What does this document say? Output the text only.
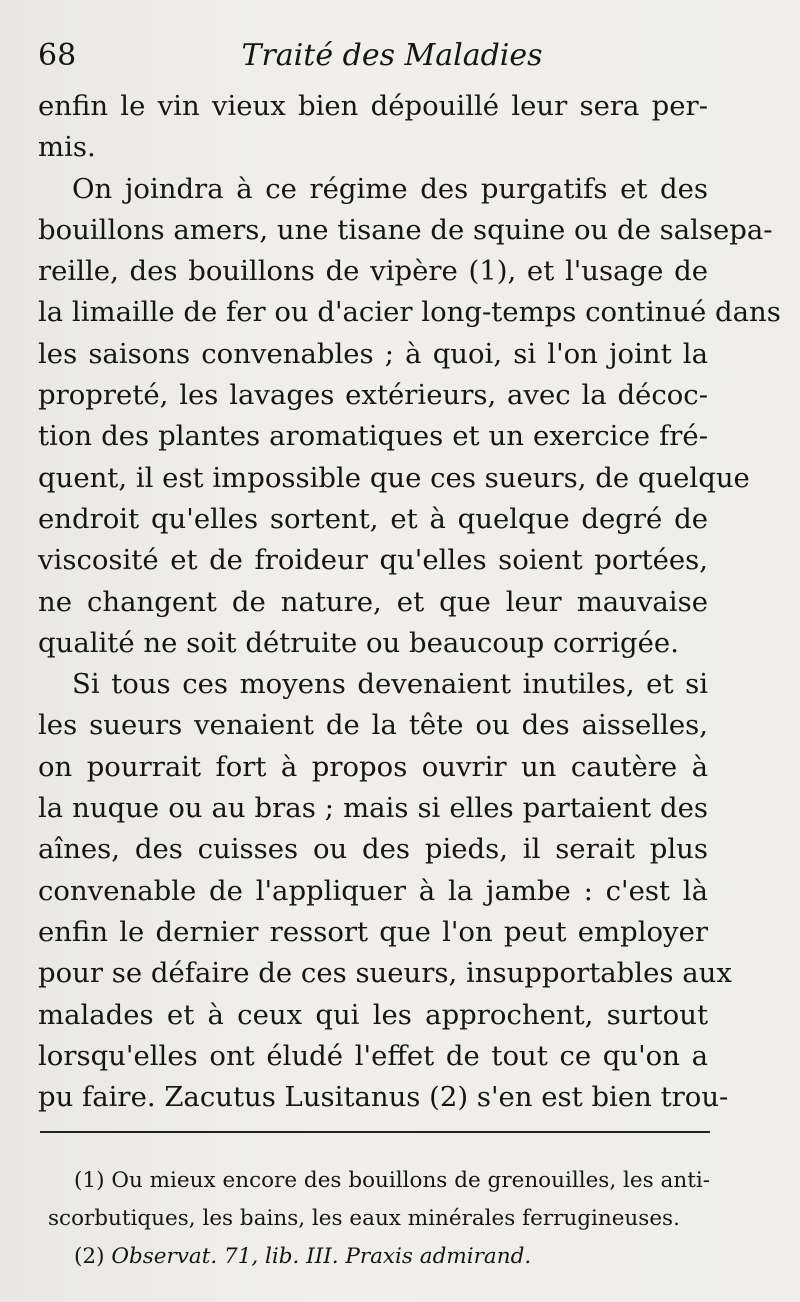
68	Traité des Maladies
enfin le vin vieux bien dépouillé leur sera per-
mis.
On joindra à ce régime des purgatifs et des
bouillons amers, une tisane de squine ou de salsepa-
reille, des bouillons de vipère (1), et l'usage de
la limaille de fer ou d'acier long-temps continué dans
les saisons convenables ; à quoi, si l'on joint la
propreté, les lavages extérieurs, avec la décoc-
tion des plantes aromatiques et un exercice fré-
quent, il est impossible que ces sueurs, de quelque
endroit qu'elles sortent, et à quelque degré de
viscosité et de froideur qu'elles soient portées,
ne changent de nature, et que leur mauvaise
qualité ne soit détruite ou beaucoup corrigée.
Si tous ces moyens devenaient inutiles, et si
les sueurs venaient de la tête ou des aisselles,
on pourrait fort à propos ouvrir un cautère à
la nuque ou au bras ; mais si elles partaient des
aînes, des cuisses ou des pieds, il serait plus
convenable de l'appliquer à la jambe : c'est là
enfin le dernier ressort que l'on peut employer
pour se défaire de ces sueurs, insupportables aux
malades et à ceux qui les approchent, surtout
lorsqu'elles ont éludé l'effet de tout ce qu'on a
pu faire. Zacutus Lusitanus (2) s'en est bien trou-
(1) Ou mieux encore des bouillons de grenouilles, les anti-
scorbutiques, les bains, les eaux minérales ferrugineuses.
(2) Observat. 71, lib. III. Praxis admirand.
